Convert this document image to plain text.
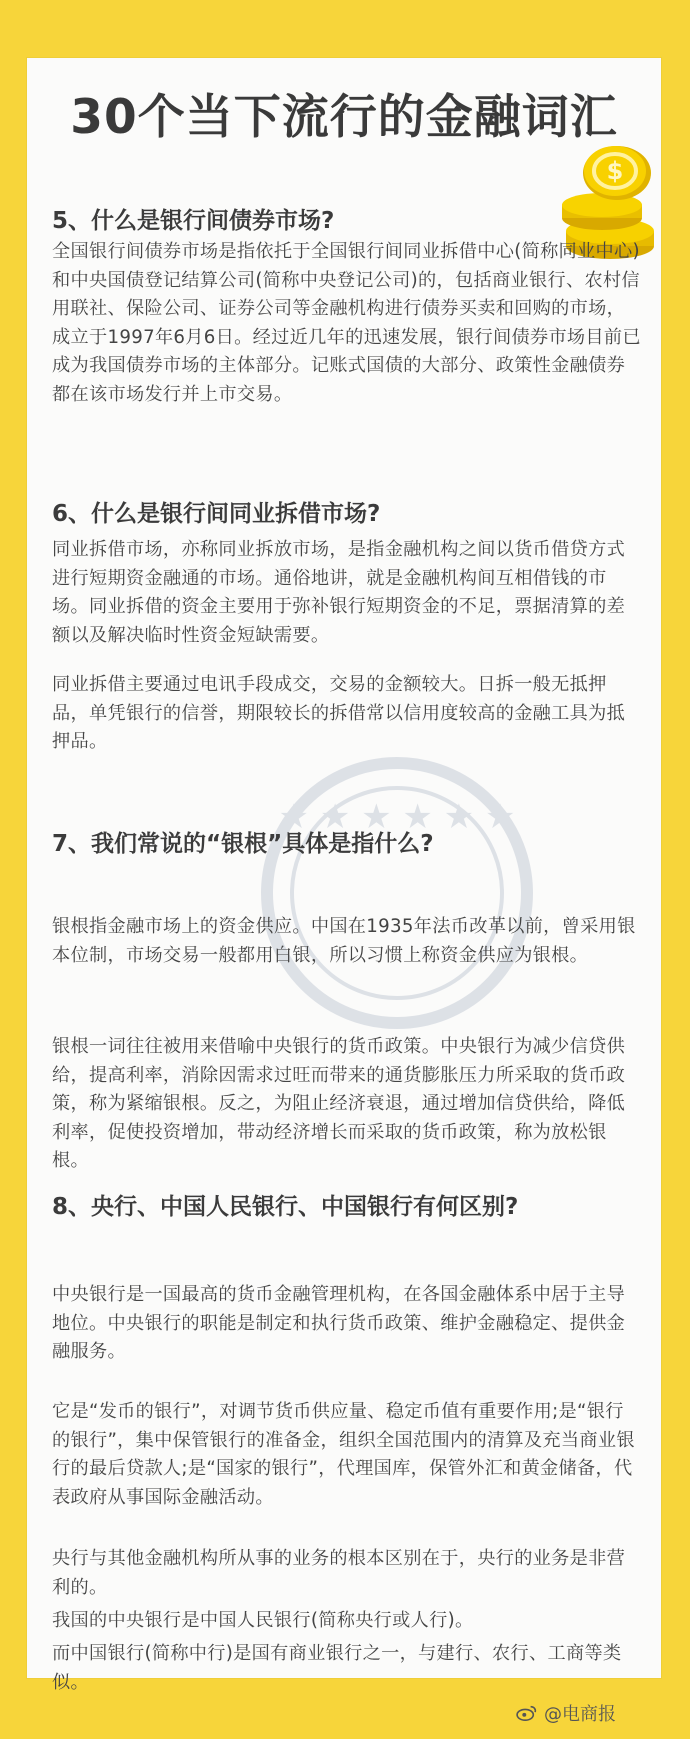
30个当下流行的金融词汇
$
5、什么是银行间债券市场?

全国银行间债券市场是指依托于全国银行间同业拆借中心(简称同业中心)和中央国债登记结算公司(简称中央登记公司)的，包括商业银行、农村信用联社、保险公司、证券公司等金融机构进行债券买卖和回购的市场，成立于1997年6月6日。经过近几年的迅速发展，银行间债券市场目前已成为我国债券市场的主体部分。记账式国债的大部分、政策性金融债券都在该市场发行并上市交易。

6、什么是银行间同业拆借市场?

同业拆借市场，亦称同业拆放市场，是指金融机构之间以货币借贷方式进行短期资金融通的市场。通俗地讲，就是金融机构间互相借钱的市场。同业拆借的资金主要用于弥补银行短期资金的不足，票据清算的差额以及解决临时性资金短缺需要。

同业拆借主要通过电讯手段成交，交易的金额较大。日拆一般无抵押品，单凭银行的信誉，期限较长的拆借常以信用度较高的金融工具为抵押品。

★ ★ ★ ★ ★ ★
7、我们常说的“银根”具体是指什么?

银根指金融市场上的资金供应。中国在1935年法币改革以前，曾采用银本位制，市场交易一般都用白银，所以习惯上称资金供应为银根。

银根一词往往被用来借喻中央银行的货币政策。中央银行为减少信贷供给，提高利率，消除因需求过旺而带来的通货膨胀压力所采取的货币政策，称为紧缩银根。反之，为阻止经济衰退，通过增加信贷供给，降低利率，促使投资增加，带动经济增长而采取的货币政策，称为放松银根。

8、央行、中国人民银行、中国银行有何区别?

中央银行是一国最高的货币金融管理机构，在各国金融体系中居于主导地位。中央银行的职能是制定和执行货币政策、维护金融稳定、提供金融服务。

它是“发币的银行”，对调节货币供应量、稳定币值有重要作用;是“银行的银行”，集中保管银行的准备金，组织全国范围内的清算及充当商业银行的最后贷款人;是“国家的银行”，代理国库，保管外汇和黄金储备，代表政府从事国际金融活动。

央行与其他金融机构所从事的业务的根本区别在于，央行的业务是非营利的。

我国的中央银行是中国人民银行(简称央行或人行)。

而中国银行(简称中行)是国有商业银行之一，与建行、农行、工商等类似。

@电商报
